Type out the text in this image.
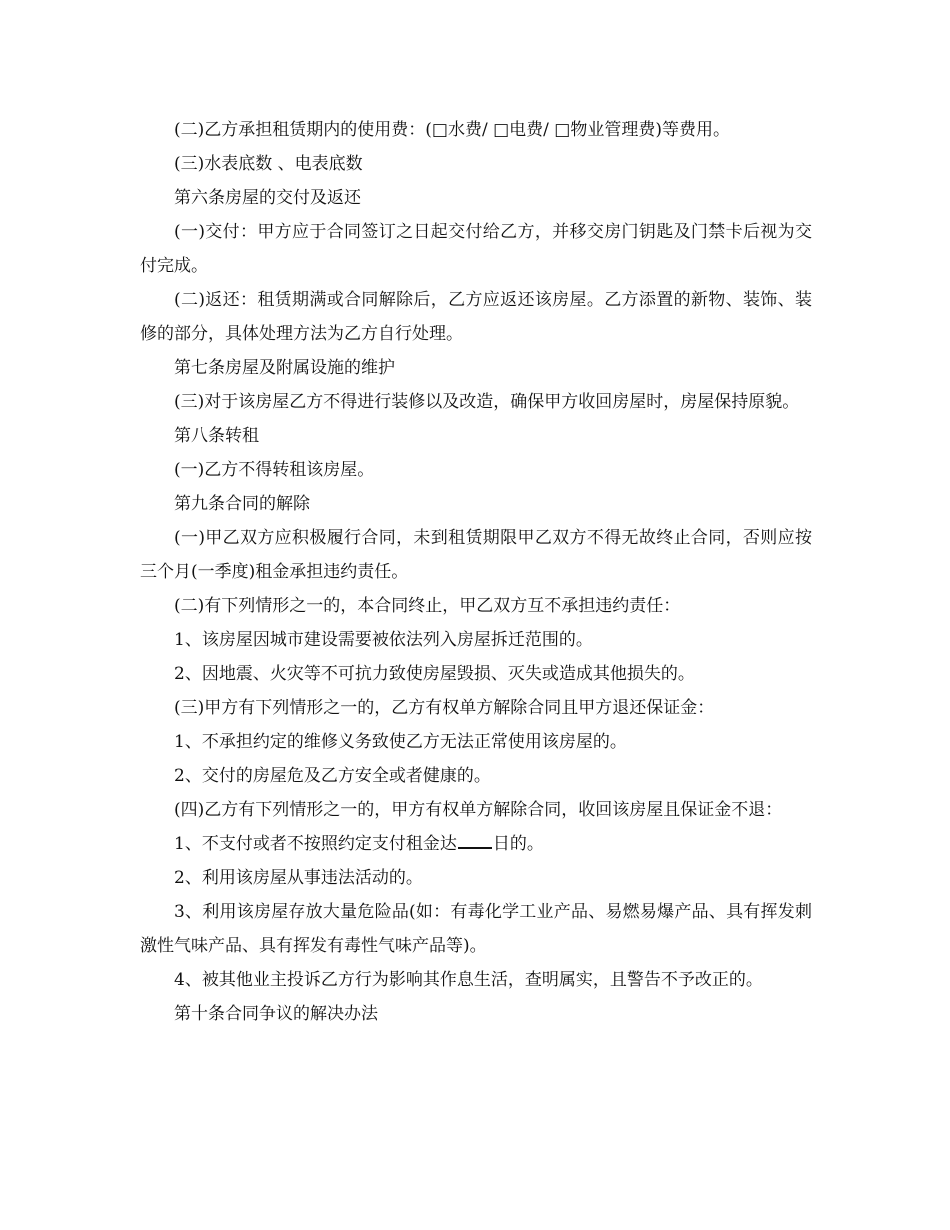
(二)乙方承担租赁期内的使用费：(□水费/ □电费/ □物业管理费)等费用。

(三)水表底数 、电表底数

第六条房屋的交付及返还

(一)交付：甲方应于合同签订之日起交付给乙方，并移交房门钥匙及门禁卡后视为交付完成。

(二)返还：租赁期满或合同解除后，乙方应返还该房屋。乙方添置的新物、装饰、装修的部分，具体处理方法为乙方自行处理。

第七条房屋及附属设施的维护

(三)对于该房屋乙方不得进行装修以及改造，确保甲方收回房屋时，房屋保持原貌。

第八条转租

(一)乙方不得转租该房屋。

第九条合同的解除

(一)甲乙双方应积极履行合同，未到租赁期限甲乙双方不得无故终止合同，否则应按三个月(一季度)租金承担违约责任。

(二)有下列情形之一的，本合同终止，甲乙双方互不承担违约责任：

1、该房屋因城市建设需要被依法列入房屋拆迁范围的。

2、因地震、火灾等不可抗力致使房屋毁损、灭失或造成其他损失的。

(三)甲方有下列情形之一的，乙方有权单方解除合同且甲方退还保证金：

1、不承担约定的维修义务致使乙方无法正常使用该房屋的。

2、交付的房屋危及乙方安全或者健康的。

(四)乙方有下列情形之一的，甲方有权单方解除合同，收回该房屋且保证金不退：

1、不支付或者不按照约定支付租金达 日的。

2、利用该房屋从事违法活动的。

3、利用该房屋存放大量危险品(如：有毒化学工业产品、易燃易爆产品、具有挥发刺激性气味产品、具有挥发有毒性气味产品等)。

4、被其他业主投诉乙方行为影响其作息生活，查明属实，且警告不予改正的。

第十条合同争议的解决办法
